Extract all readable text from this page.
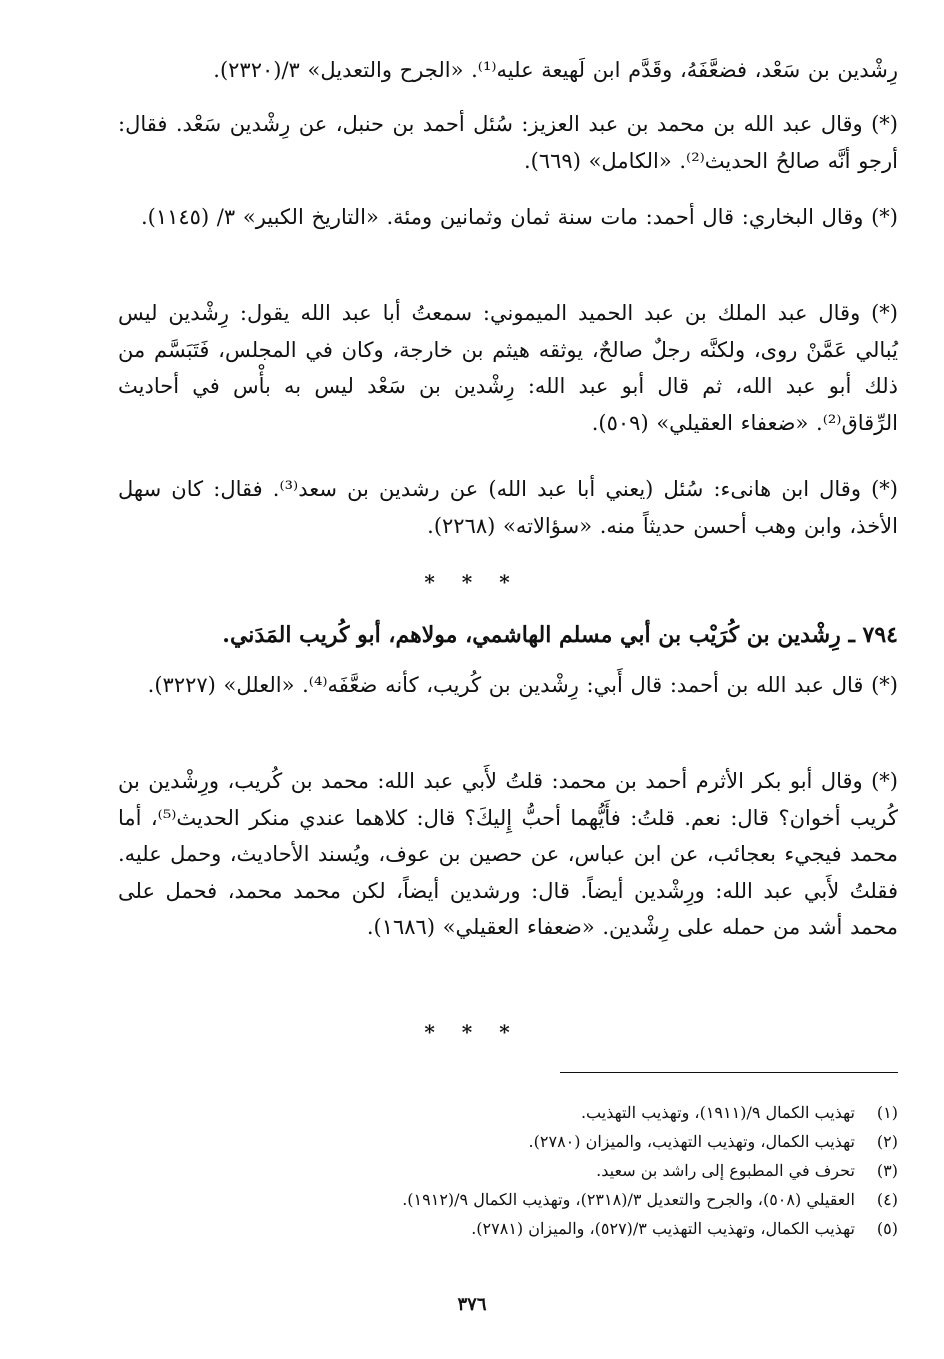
رِشْدين بن سَعْد، فضعَّفَهُ، وقَدَّم ابن لَهيعة عليه⁽¹⁾. «الجرح والتعديل» ٣/(٢٣٢٠).

(*) وقال عبد الله بن محمد بن عبد العزيز: سُئل أحمد بن حنبل، عن رِشْدين سَعْد. فقال: أرجو أنَّه صالحُ الحديث⁽²⁾. «الكامل» (٦٦٩).

(*) وقال البخاري: قال أحمد: مات سنة ثمان وثمانين ومئة. «التاريخ الكبير» ٣/ (١١٤٥).

(*) وقال عبد الملك بن عبد الحميد الميموني: سمعتُ أبا عبد الله يقول: رِشْدين ليس يُبالي عَمَّنْ روى، ولكنَّه رجلٌ صالحٌ، يوثقه هيثم بن خارجة، وكان في المجلس، فَتَبَسَّم من ذلك أبو عبد الله، ثم قال أبو عبد الله: رِشْدين بن سَعْد ليس به بأْس في أحاديث الرِّقاق⁽²⁾. «ضعفاء العقيلي» (٥٠٩).

(*) وقال ابن هانىء: سُئل (يعني أبا عبد الله) عن رشدين بن سعد⁽³⁾. فقال: كان سهل الأخذ، وابن وهب أحسن حديثاً منه. «سؤالاته» (٢٢٦٨).

* * *
٧٩٤ ـ رِشْدين بن كُرَيْب بن أبي مسلم الهاشمي، مولاهم، أبو كُريب المَدَني.

(*) قال عبد الله بن أحمد: قال أَبي: رِشْدين بن كُريب، كأنه ضعَّفَه⁽⁴⁾. «العلل» (٣٢٢٧).

(*) وقال أبو بكر الأثرم أحمد بن محمد: قلتُ لأَبي عبد الله: محمد بن كُريب، ورِشْدين بن كُريب أخوان؟ قال: نعم. قلتُ: فأَيُّهما أحبُّ إِليكَ؟ قال: كلاهما عندي منكر الحديث⁽⁵⁾، أما محمد فيجيء بعجائب، عن ابن عباس، عن حصين بن عوف، ويُسند الأحاديث، وحمل عليه. فقلتُ لأَبي عبد الله: ورِشْدين أيضاً. قال: ورشدين أيضاً، لكن محمد محمد، فحمل على محمد أشد من حمله على رِشْدين. «ضعفاء العقيلي» (١٦٨٦).

* * *
(١) تهذيب الكمال ٩/(١٩١١)، وتهذيب التهذيب.
(٢) تهذيب الكمال، وتهذيب التهذيب، والميزان (٢٧٨٠).
(٣) تحرف في المطبوع إلى راشد بن سعيد.
(٤) العقيلي (٥٠٨)، والجرح والتعديل ٣/(٢٣١٨)، وتهذيب الكمال ٩/(١٩١٢).
(٥) تهذيب الكمال، وتهذيب التهذيب ٣/(٥٢٧)، والميزان (٢٧٨١).
٣٧٦
